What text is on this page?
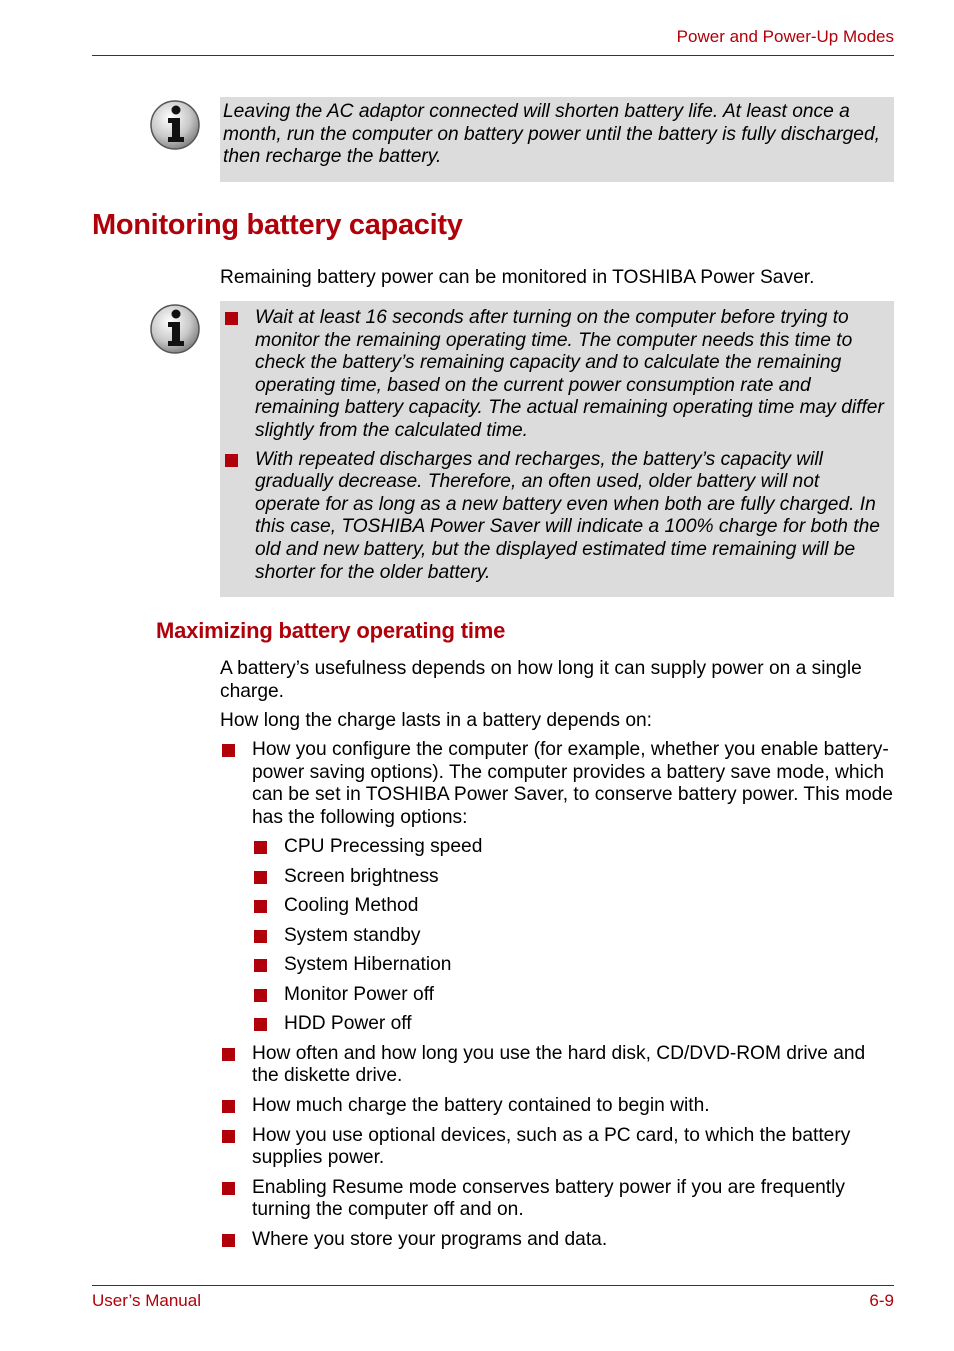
Power and Power-Up Modes
Leaving the AC adaptor connected will shorten battery life. At least once a month, run the computer on battery power until the battery is fully discharged, then recharge the battery.
Monitoring battery capacity

Remaining battery power can be monitored in TOSHIBA Power Saver.

Wait at least 16 seconds after turning on the computer before trying to monitor the remaining operating time. The computer needs this time to check the battery’s remaining capacity and to calculate the remaining operating time, based on the current power consumption rate and remaining battery capacity. The actual remaining operating time may differ slightly from the calculated time.
With repeated discharges and recharges, the battery’s capacity will gradually decrease. Therefore, an often used, older battery will not operate for as long as a new battery even when both are fully charged. In this case, TOSHIBA Power Saver will indicate a 100% charge for both the old and new battery, but the displayed estimated time remaining will be shorter for the older battery.
Maximizing battery operating time

A battery’s usefulness depends on how long it can supply power on a single charge.

How long the charge lasts in a battery depends on:

How you configure the computer (for example, whether you enable battery-power saving options). The computer provides a battery save mode, which can be set in TOSHIBA Power Saver, to conserve battery power. This mode has the following options:
CPU Precessing speed
Screen brightness
Cooling Method
System standby
System Hibernation
Monitor Power off
HDD Power off
How often and how long you use the hard disk, CD/DVD-ROM drive and the diskette drive.
How much charge the battery contained to begin with.
How you use optional devices, such as a PC card, to which the battery supplies power.
Enabling Resume mode conserves battery power if you are frequently turning the computer off and on.
Where you store your programs and data.
User’s Manual	6-9
